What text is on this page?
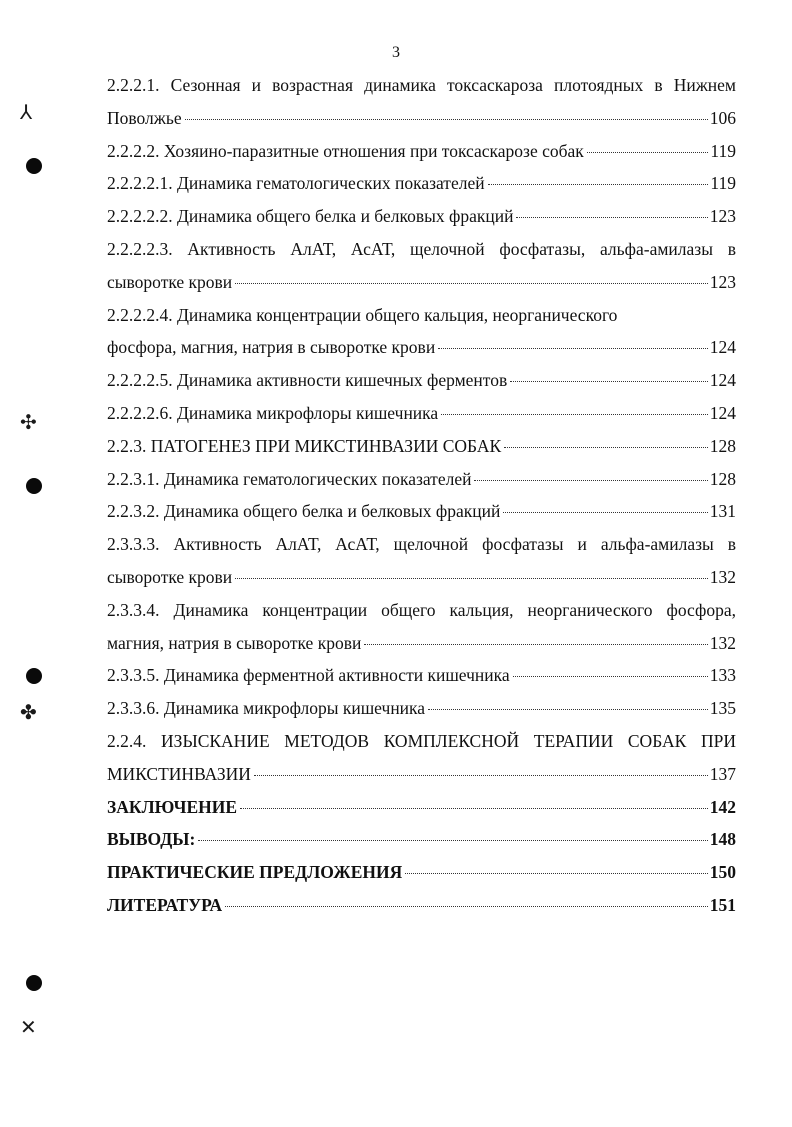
3
⅄
✣
✤
✕
2.2.2.1. Сезонная и возрастная динамика токсаскароза плотоядных в Нижнем
Поволжье	106
2.2.2.2. Хозяино-паразитные отношения при токсаскарозе собак	119
2.2.2.2.1. Динамика гематологических показателей	119
2.2.2.2.2. Динамика общего белка и белковых фракций	123
2.2.2.2.3. Активность АлАТ, АсАТ, щелочной фосфатазы, альфа-амилазы в
сыворотке крови	123
2.2.2.2.4. Динамика концентрации общего кальция, неорганического
фосфора, магния, натрия в сыворотке крови	124
2.2.2.2.5. Динамика активности кишечных ферментов	124
2.2.2.2.6. Динамика микрофлоры кишечника	124
2.2.3. ПАТОГЕНЕЗ ПРИ МИКСТИНВАЗИИ СОБАК	128
2.2.3.1. Динамика гематологических показателей	128
2.2.3.2. Динамика общего белка и белковых фракций	131
2.3.3.3. Активность АлАТ, АсАТ, щелочной фосфатазы и альфа-амилазы в
сыворотке крови	132
2.3.3.4. Динамика концентрации общего кальция, неорганического фосфора,
магния, натрия в сыворотке крови	132
2.3.3.5. Динамика ферментной активности кишечника	133
2.3.3.6. Динамика микрофлоры кишечника	135
2.2.4. ИЗЫСКАНИЕ МЕТОДОВ КОМПЛЕКСНОЙ ТЕРАПИИ СОБАК ПРИ
МИКСТИНВАЗИИ	137
ЗАКЛЮЧЕНИЕ	142
ВЫВОДЫ:	148
ПРАКТИЧЕСКИЕ ПРЕДЛОЖЕНИЯ	150
ЛИТЕРАТУРА	151
